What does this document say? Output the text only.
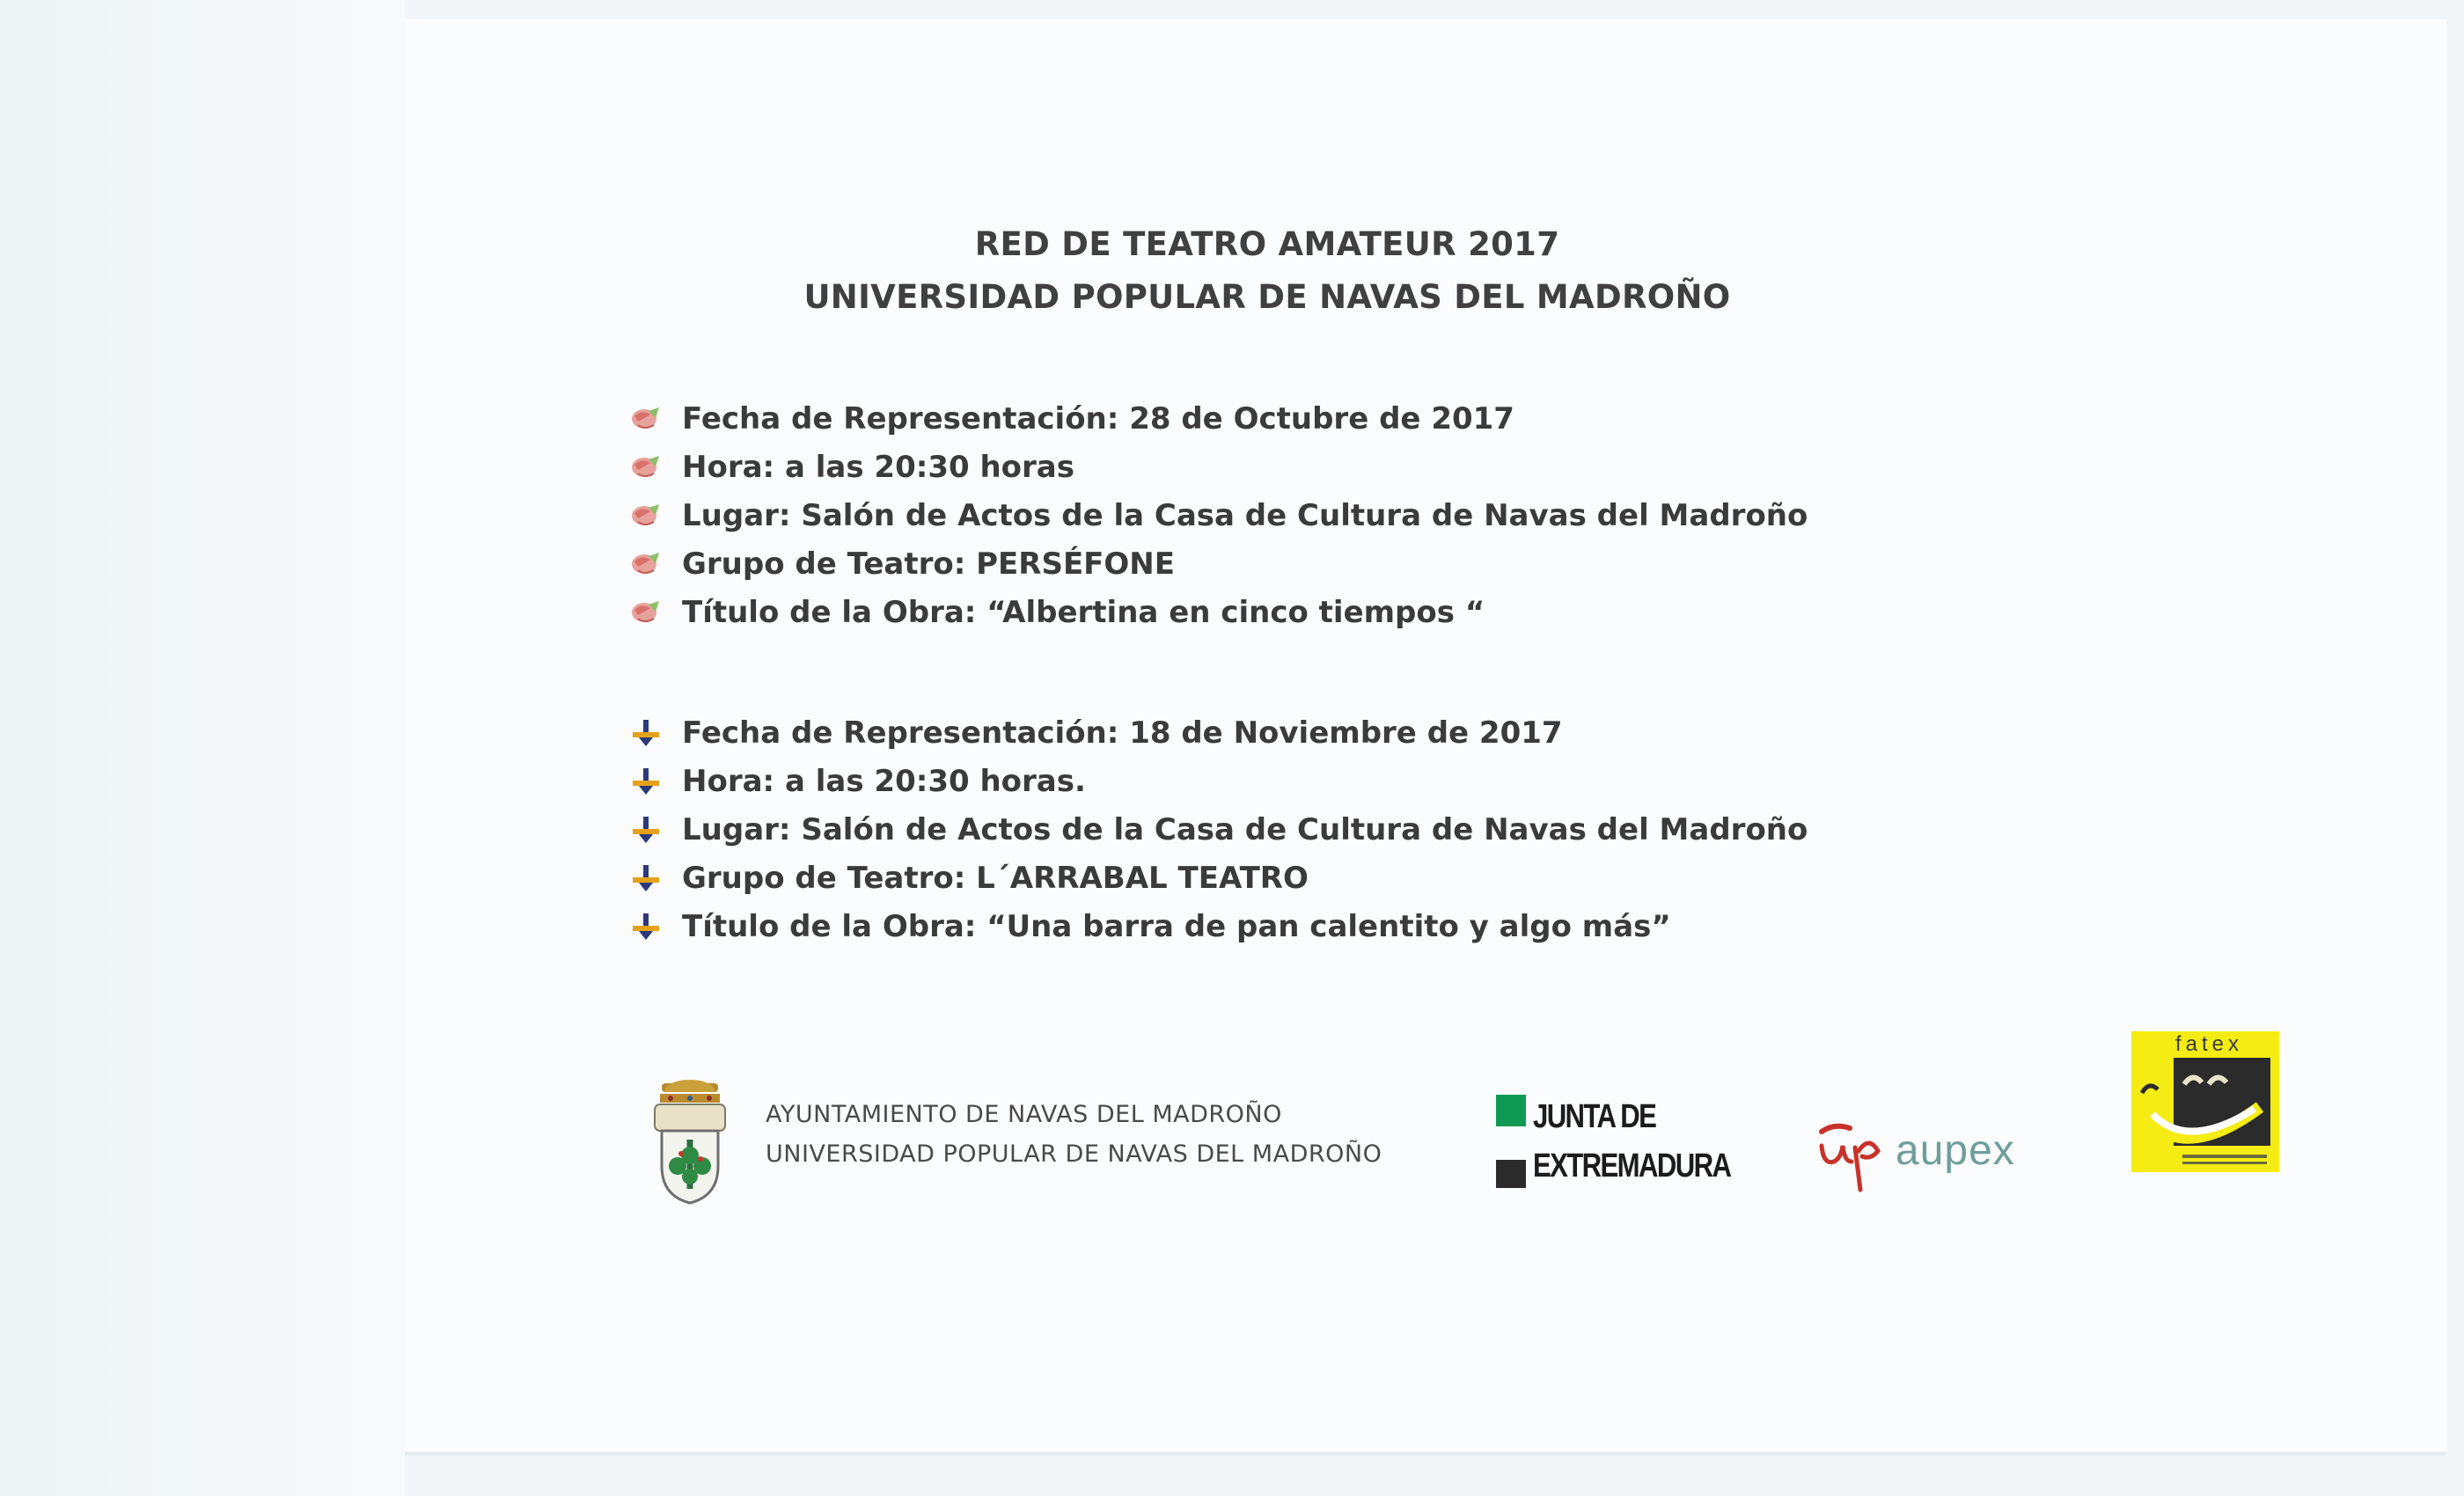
RED DE TEATRO AMATEUR 2017
UNIVERSIDAD POPULAR DE NAVAS DEL MADROÑO
Fecha de Representación: 28 de Octubre de 2017
Hora: a las 20:30 horas
Lugar: Salón de Actos de la Casa de Cultura de Navas del Madroño
Grupo de Teatro: PERSÉFONE
Título de la Obra: “Albertina en cinco tiempos “
Fecha de Representación: 18 de Noviembre de 2017
Hora: a las 20:30 horas.
Lugar: Salón de Actos de la Casa de Cultura de Navas del Madroño
Grupo de Teatro: L´ARRABAL TEATRO
Título de la Obra: “Una barra de pan calentito y algo más”
AYUNTAMIENTO DE NAVAS DEL MADROÑO
UNIVERSIDAD POPULAR DE NAVAS DEL MADROÑO
JUNTA DE
EXTREMADURA	aupex
fatex
